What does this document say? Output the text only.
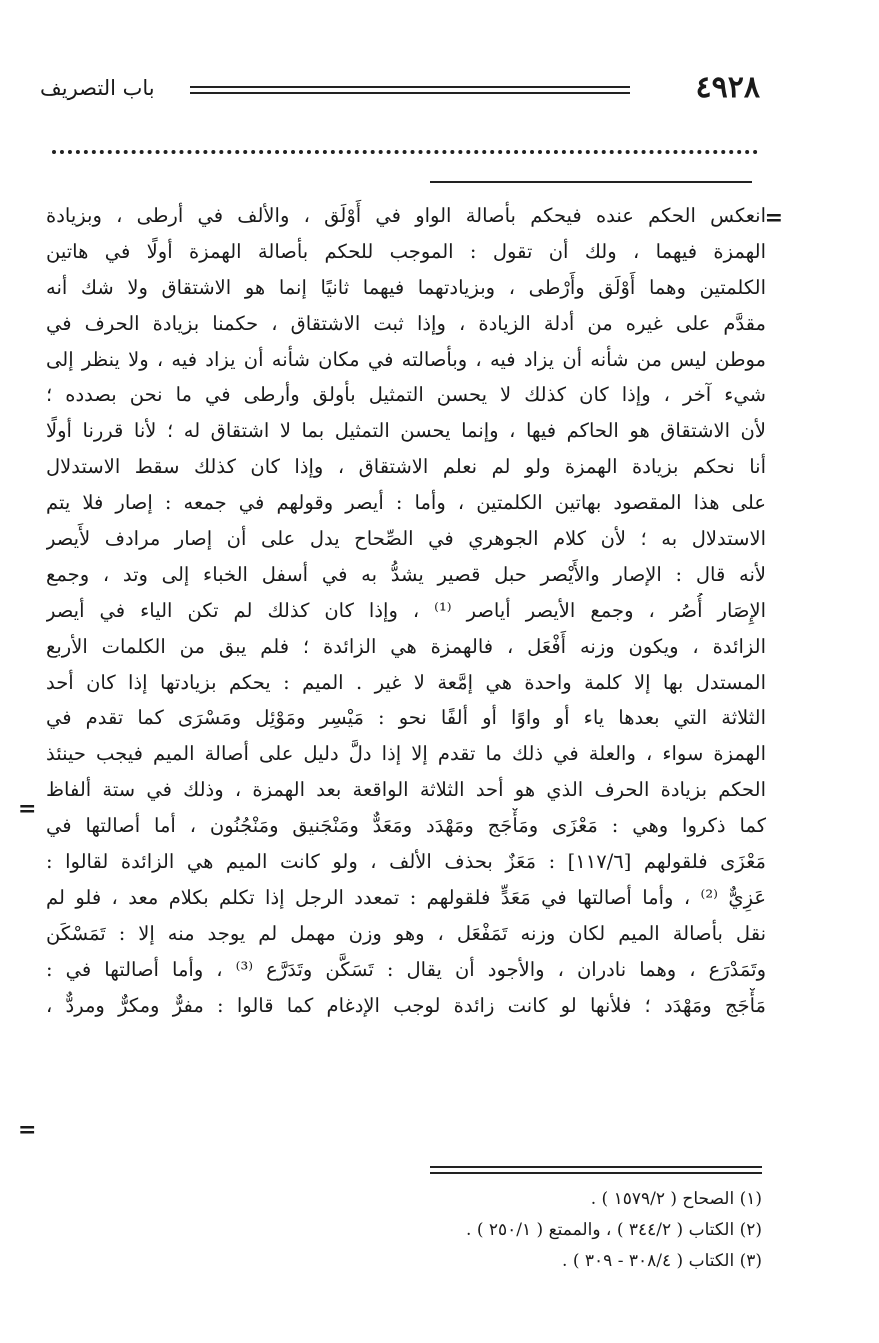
٤٩٢٨
باب التصريف
=
=
=
انعكس الحكم عنده فيحكم بأصالة الواو في أَوْلَق ، والألف في أرطى ، وبزيادة
الهمزة فيهما ، ولك أن تقول : الموجب للحكم بأصالة الهمزة أولًا في هاتين
الكلمتين وهما أَوْلَق وأَرْطى ، وبزيادتهما فيهما ثانيًا إنما هو الاشتقاق ولا شك أنه
مقدَّم على غيره من أدلة الزيادة ، وإذا ثبت الاشتقاق ، حكمنا بزيادة الحرف في
موطن ليس من شأنه أن يزاد فيه ، وبأصالته في مكان شأنه أن يزاد فيه ، ولا ينظر إلى
شيء آخر ، وإذا كان كذلك لا يحسن التمثيل بأولق وأرطى في ما نحن بصدده ؛
لأن الاشتقاق هو الحاكم فيها ، وإنما يحسن التمثيل بما لا اشتقاق له ؛ لأنا قررنا أولًا
أنا نحكم بزيادة الهمزة ولو لم نعلم الاشتقاق ، وإذا كان كذلك سقط الاستدلال
على هذا المقصود بهاتين الكلمتين ، وأما : أيصر وقولهم في جمعه : إصار فلا يتم
الاستدلال به ؛ لأن كلام الجوهري في الصِّحاح يدل على أن إصار مرادف لأَيصر
لأنه قال : الإصار والأَيْصر حبل قصير يشدُّ به في أسفل الخباء إلى وتد ، وجمع
الإِصَار أُصُر ، وجمع الأيصر أياصر ⁽¹⁾ ، وإذا كان كذلك لم تكن الياء في أيصر
الزائدة ، ويكون وزنه أَفْعَل ، فالهمزة هي الزائدة ؛ فلم يبق من الكلمات الأربع
المستدل بها إلا كلمة واحدة هي إمَّعة لا غير . الميم : يحكم بزيادتها إذا كان أحد
الثلاثة التي بعدها ياء أو واوًا أو ألفًا نحو : مَيْسِر ومَوْئِل ومَسْرَى كما تقدم في
الهمزة سواء ، والعلة في ذلك ما تقدم إلا إذا دلَّ دليل على أصالة الميم فيجب حينئذ
الحكم بزيادة الحرف الذي هو أحد الثلاثة الواقعة بعد الهمزة ، وذلك في ستة ألفاظ
كما ذكروا وهي : مَعْزَى ومَأْجَج ومَهْدَد ومَعَدٌّ ومَنْجَنيق ومَنْجُنُون ، أما أصالتها في
مَعْزَى فلقولهم [١١٧/٦] : مَعَزٌ بحذف الألف ، ولو كانت الميم هي الزائدة لقالوا :
عَزِيٌّ ⁽²⁾ ، وأما أصالتها في مَعَدٍّ فلقولهم : تمعدد الرجل إذا تكلم بكلام معد ، فلو لم
نقل بأصالة الميم لكان وزنه تَمَفْعَل ، وهو وزن مهمل لم يوجد منه إلا : تَمَسْكَن
وتَمَدْرَع ، وهما نادران ، والأجود أن يقال : تَسَكَّن وتَدَرَّع ⁽³⁾ ، وأما أصالتها في :
مَأْجَج ومَهْدَد ؛ فلأنها لو كانت زائدة لوجب الإدغام كما قالوا : مفرٌّ ومكرٌّ ومردٌّ ،
(١) الصحاح ( ١٥٧٩/٢ ) .
(٢) الكتاب ( ٣٤٤/٢ ) ، والممتع ( ٢٥٠/١ ) .
(٣) الكتاب ( ٣٠٨/٤ - ٣٠٩ ) .
